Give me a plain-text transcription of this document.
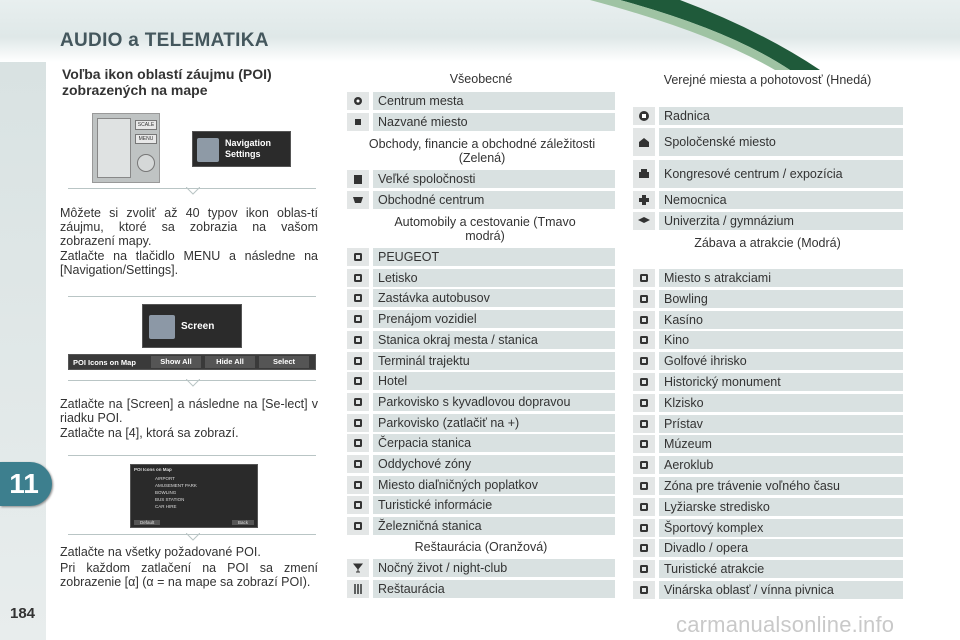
AUDIO a TELEMATIKA
11
184	carmanualsonline.info
Voľba ikon oblastí záujmu (POI) zobrazených na mape
SCALE
MENU	Navigation
Settings
Môžete si zvoliť až 40 typov ikon oblas-tí záujmu, ktoré sa zobrazia na vašom zobrazení mapy.
Zatlačte na tlačidlo MENU a následne na [Navigation/Settings].
Screen
POI Icons on Map	Show All	Hide All	Select
Zatlačte na [Screen] a následne na [Se-lect] v riadku POI.
Zatlačte na [4], ktorá sa zobrazí.
POI Icons on Map
AIRPORT
AMUSEMENT PARK
BOWLING
BUS STATION
CAR HIRE
Default	Back
Zatlačte na všetky požadované POI.
Pri každom zatlačení na POI sa zmení zobrazenie [α] (α = na mape sa zobrazí POI).
Všeobecné
Centrum mesta
Nazvané miesto
Obchody, financie a obchodné záležitosti (Zelená)
Veľké spoločnosti
Obchodné centrum
Automobily a cestovanie (Tmavo modrá)
PEUGEOT
Letisko
Zastávka autobusov
Prenájom vozidiel
Stanica okraj mesta / stanica
Terminál trajektu
Hotel
Parkovisko s kyvadlovou dopravou
Parkovisko (zatlačiť na +)
Čerpacia stanica
Oddychové zóny
Miesto diaľničných poplatkov
Turistické informácie
Železničná stanica
Reštaurácia (Oranžová)
Nočný život / night-club
Reštaurácia
Verejné miesta a pohotovosť (Hnedá)
Radnica
Spoločenské miesto
Kongresové centrum / expozícia
Nemocnica
Univerzita / gymnázium
Zábava a atrakcie (Modrá)
Miesto s atrakciami
Bowling
Kasíno
Kino
Golfové ihrisko
Historický monument
Klzisko
Prístav
Múzeum
Aeroklub
Zóna pre trávenie voľného času
Lyžiarske stredisko
Športový komplex
Divadlo / opera
Turistické atrakcie
Vinárska oblasť / vínna pivnica
